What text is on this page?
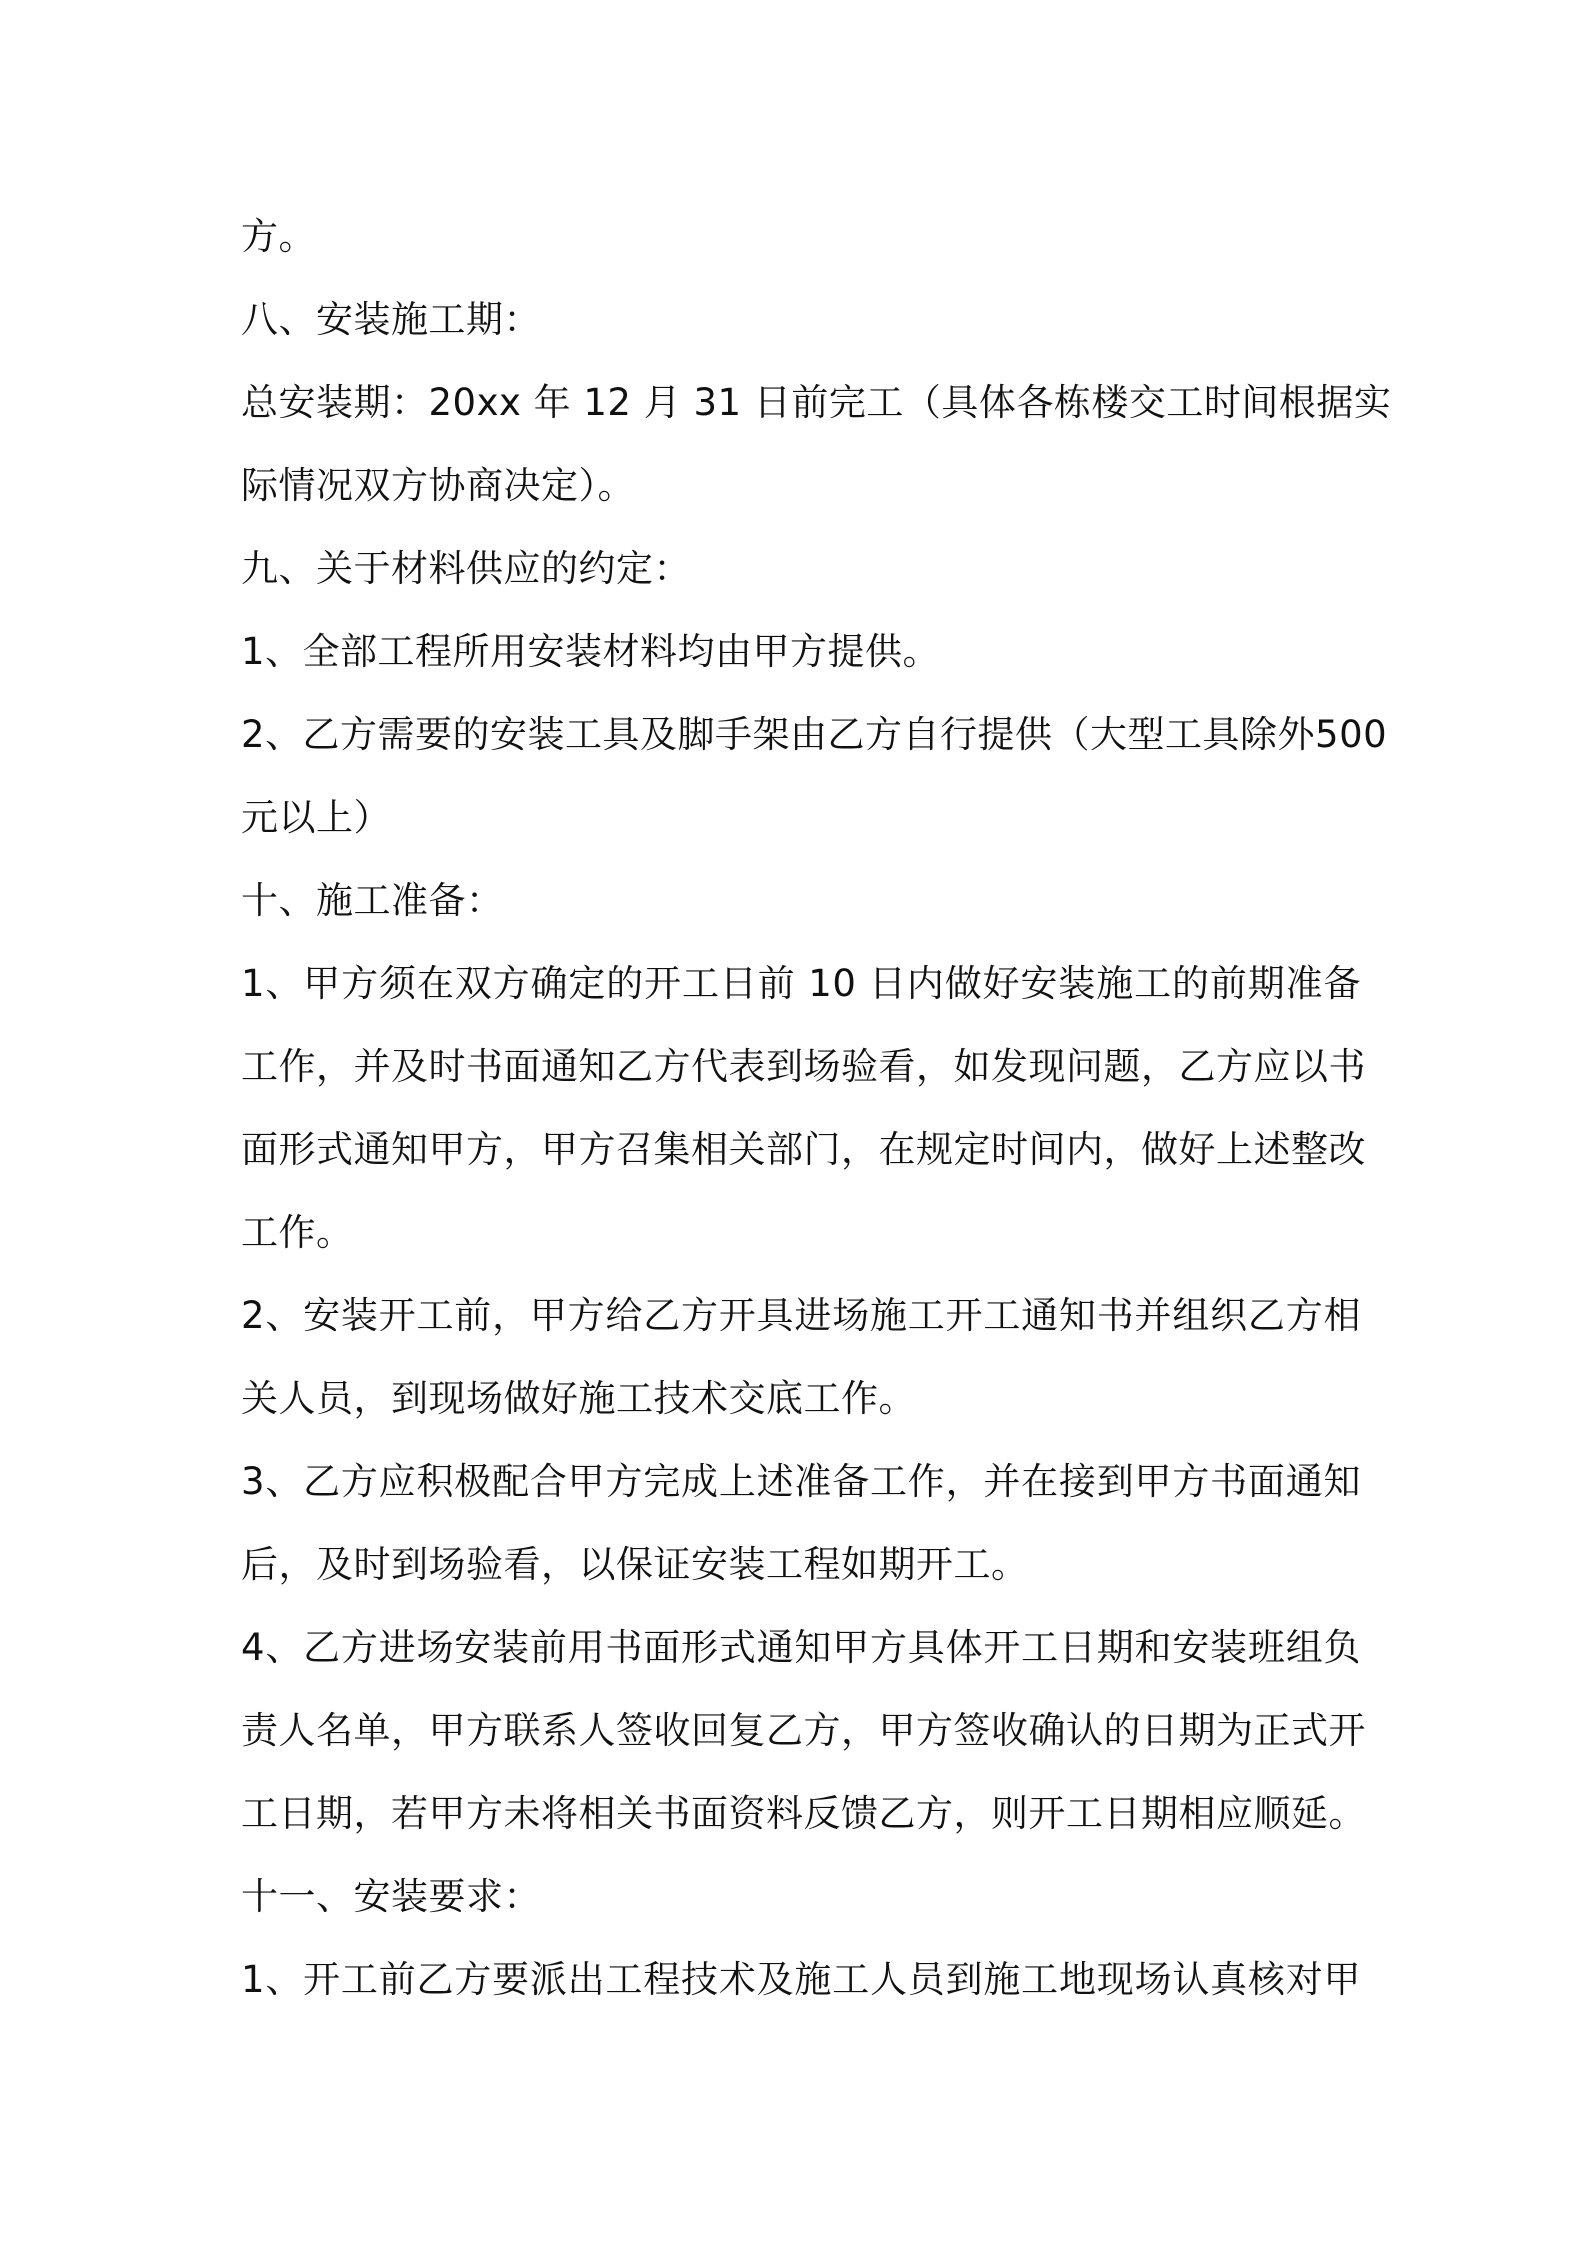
方。
八、安装施工期：
总安装期：20xx 年 12 月 31 日前完工（具体各栋楼交工时间根据实
际情况双方协商决定）。
九、关于材料供应的约定：
1、全部工程所用安装材料均由甲方提供。
2、乙方需要的安装工具及脚手架由乙方自行提供（大型工具除外500
元以上）
十、施工准备：
1、甲方须在双方确定的开工日前 10 日内做好安装施工的前期准备
工作，并及时书面通知乙方代表到场验看，如发现问题，乙方应以书
面形式通知甲方，甲方召集相关部门，在规定时间内，做好上述整改
工作。
2、安装开工前，甲方给乙方开具进场施工开工通知书并组织乙方相
关人员，到现场做好施工技术交底工作。
3、乙方应积极配合甲方完成上述准备工作，并在接到甲方书面通知
后，及时到场验看，以保证安装工程如期开工。
4、乙方进场安装前用书面形式通知甲方具体开工日期和安装班组负
责人名单，甲方联系人签收回复乙方，甲方签收确认的日期为正式开
工日期，若甲方未将相关书面资料反馈乙方，则开工日期相应顺延。
十一、安装要求：
1、开工前乙方要派出工程技术及施工人员到施工地现场认真核对甲
